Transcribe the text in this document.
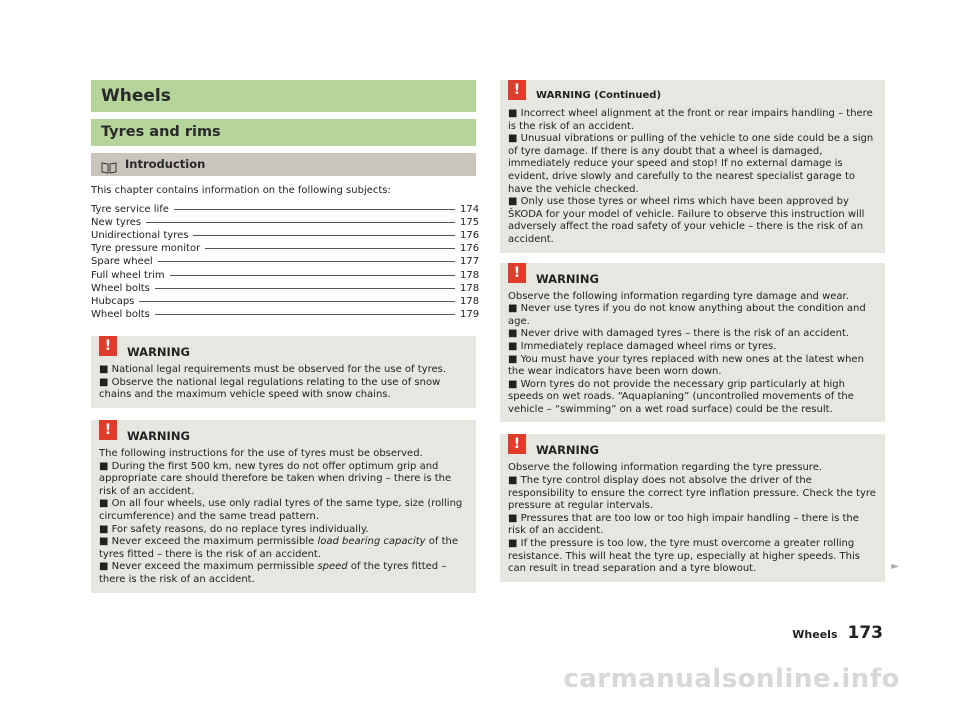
Wheels
Tyres and rims
Introduction
This chapter contains information on the following subjects:
Tyre service life	174
New tyres	175
Unidirectional tyres	176
Tyre pressure monitor	176
Spare wheel	177
Full wheel trim	178
Wheel bolts	178
Hubcaps	178
Wheel bolts	179
!	WARNING

■ National legal requirements must be observed for the use of tyres.
■ Observe the national legal regulations relating to the use of snow chains and the maximum vehicle speed with snow chains.

!	WARNING

The following instructions for the use of tyres must be observed.
■ During the first 500 km, new tyres do not offer optimum grip and appropriate care should therefore be taken when driving – there is the risk of an accident.
■ On all four wheels, use only radial tyres of the same type, size (rolling circumference) and the same tread pattern.
■ For safety reasons, do no replace tyres individually.
■ Never exceed the maximum permissible load bearing capacity of the tyres fitted – there is the risk of an accident.
■ Never exceed the maximum permissible speed of the tyres fitted – there is the risk of an accident.

!	WARNING (Continued)

■ Incorrect wheel alignment at the front or rear impairs handling – there is the risk of an accident.
■ Unusual vibrations or pulling of the vehicle to one side could be a sign of tyre damage. If there is any doubt that a wheel is damaged, immediately reduce your speed and stop! If no external damage is evident, drive slowly and carefully to the nearest specialist garage to have the vehicle checked.
■ Only use those tyres or wheel rims which have been approved by ŠKODA for your model of vehicle. Failure to observe this instruction will adversely affect the road safety of your vehicle – there is the risk of an accident.

!	WARNING

Observe the following information regarding tyre damage and wear.
■ Never use tyres if you do not know anything about the condition and age.
■ Never drive with damaged tyres – there is the risk of an accident.
■ Immediately replace damaged wheel rims or tyres.
■ You must have your tyres replaced with new ones at the latest when the wear indicators have been worn down.
■ Worn tyres do not provide the necessary grip particularly at high speeds on wet roads. “Aquaplaning” (uncontrolled movements of the vehicle – “swimming” on a wet road surface) could be the result.

!	WARNING

Observe the following information regarding the tyre pressure.
■ The tyre control display does not absolve the driver of the responsibility to ensure the correct tyre inflation pressure. Check the tyre pressure at regular intervals.
■ Pressures that are too low or too high impair handling – there is the risk of an accident.
■ If the pressure is too low, the tyre must overcome a greater rolling resistance. This will heat the tyre up, especially at higher speeds. This can result in tread separation and a tyre blowout.	►
Wheels 173
carmanualsonline.info
